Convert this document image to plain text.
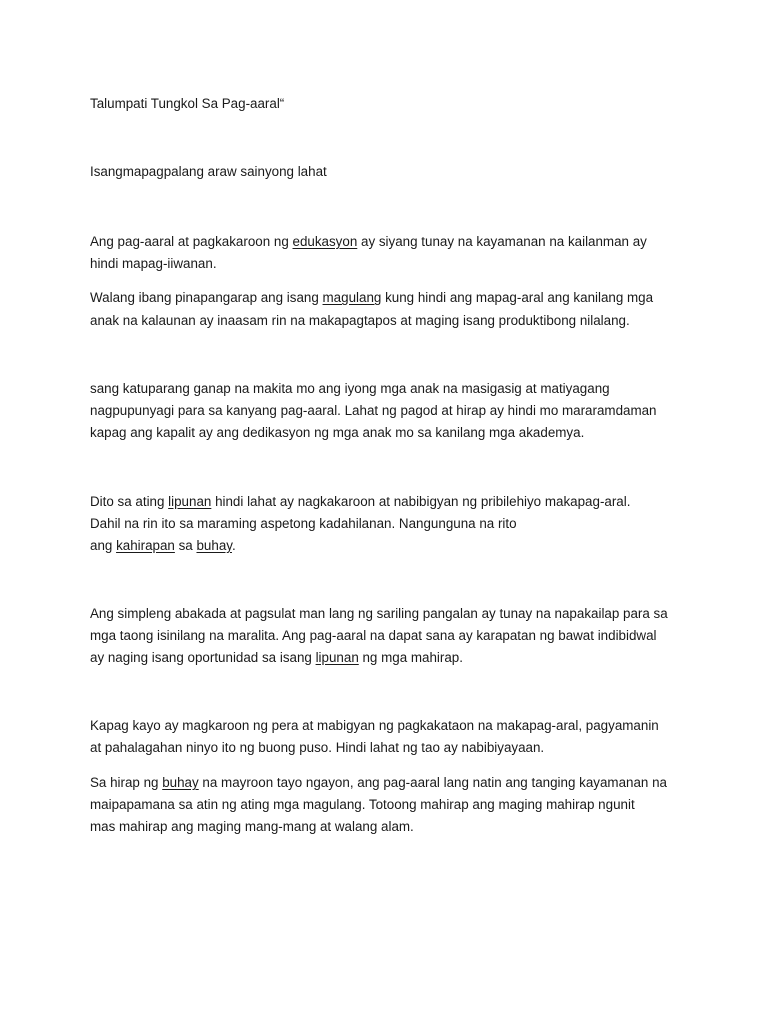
Talumpati Tungkol Sa Pag-aaral“
Isangmapagpalang araw sainyong lahat
Ang pag-aaral at pagkakaroon ng edukasyon ay siyang tunay na kayamanan na kailanman ay
hindi mapag-iiwanan.
Walang ibang pinapangarap ang isang magulang kung hindi ang mapag-aral ang kanilang mga
anak na kalaunan ay inaasam rin na makapagtapos at maging isang produktibong nilalang.
sang katuparang ganap na makita mo ang iyong mga anak na masigasig at matiyagang
nagpupunyagi para sa kanyang pag-aaral. Lahat ng pagod at hirap ay hindi mo mararamdaman
kapag ang kapalit ay ang dedikasyon ng mga anak mo sa kanilang mga akademya.
Dito sa ating lipunan hindi lahat ay nagkakaroon at nabibigyan ng pribilehiyo makapag-aral.
Dahil na rin ito sa maraming aspetong kadahilanan. Nangunguna na rito
ang kahirapan sa buhay.
Ang simpleng abakada at pagsulat man lang ng sariling pangalan ay tunay na napakailap para sa
mga taong isinilang na maralita. Ang pag-aaral na dapat sana ay karapatan ng bawat indibidwal
ay naging isang oportunidad sa isang lipunan ng mga mahirap.
Kapag kayo ay magkaroon ng pera at mabigyan ng pagkakataon na makapag-aral, pagyamanin
at pahalagahan ninyo ito ng buong puso. Hindi lahat ng tao ay nabibiyayaan.
Sa hirap ng buhay na mayroon tayo ngayon, ang pag-aaral lang natin ang tanging kayamanan na
maipapamana sa atin ng ating mga magulang. Totoong mahirap ang maging mahirap ngunit
mas mahirap ang maging mang-mang at walang alam.
